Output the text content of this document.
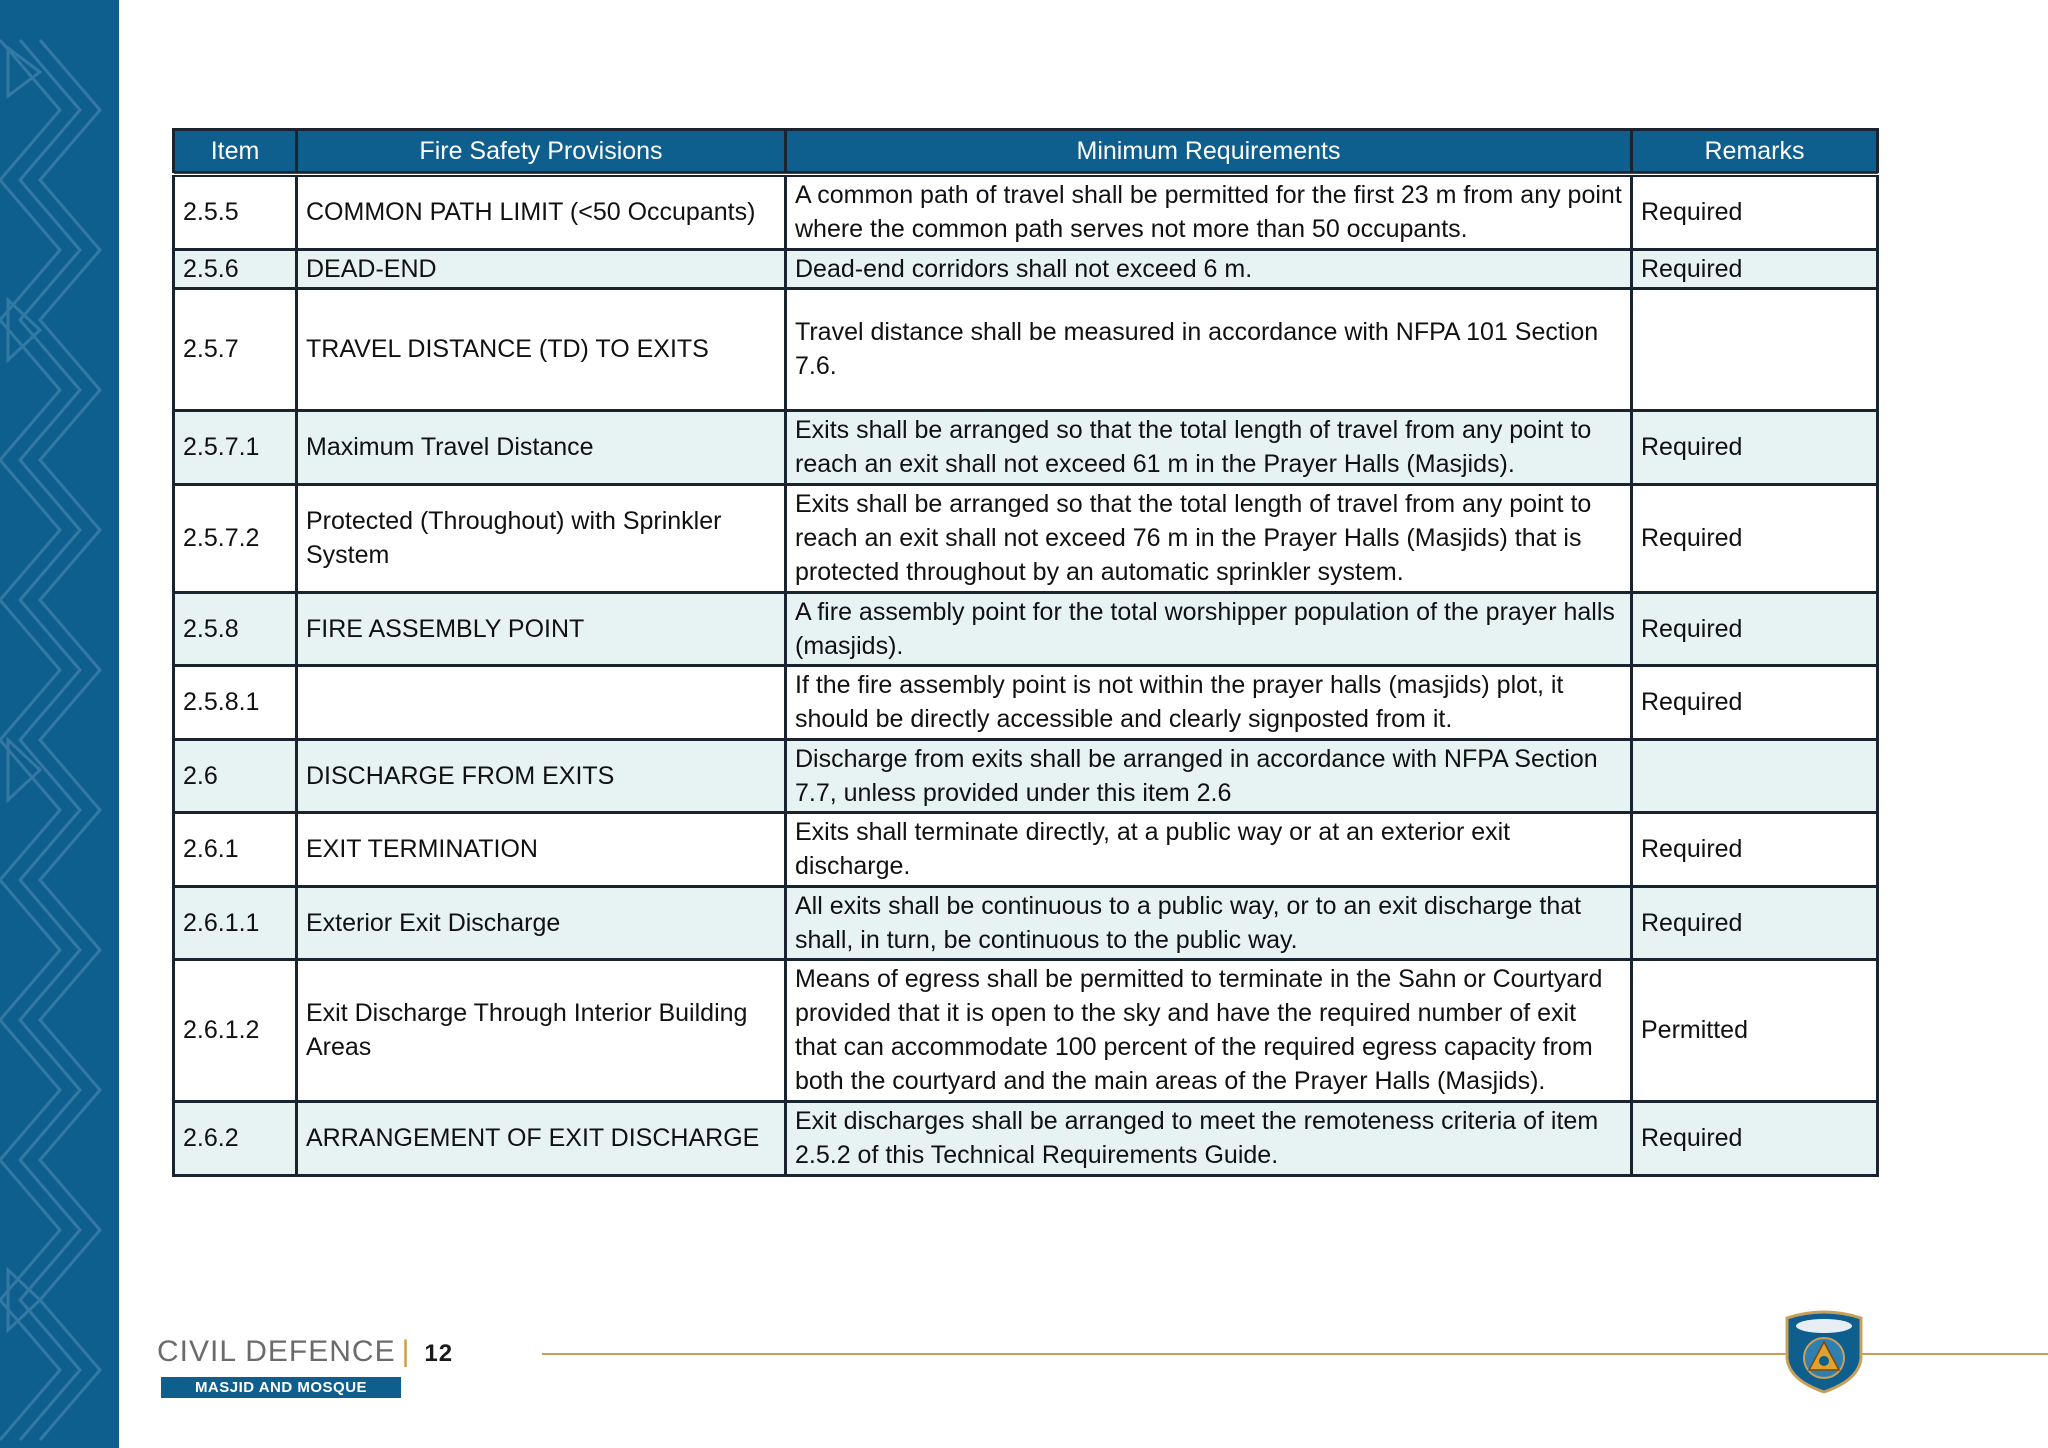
Item	Fire Safety Provisions	Minimum Requirements	Remarks
2.5.5	COMMON PATH LIMIT (<50 Occupants)	A common path of travel shall be permitted for the first 23 m from any point where the common path serves not more than 50 occupants.	Required
2.5.6	DEAD-END	Dead-end corridors shall not exceed 6 m.	Required
2.5.7	TRAVEL DISTANCE (TD) TO EXITS	Travel distance shall be measured in accordance with NFPA 101 Section 7.6.	
2.5.7.1	Maximum Travel Distance	Exits shall be arranged so that the total length of travel from any point to reach an exit shall not exceed 61 m in the Prayer Halls (Masjids).	Required
2.5.7.2	Protected (Throughout) with Sprinkler System	Exits shall be arranged so that the total length of travel from any point to reach an exit shall not exceed 76 m in the Prayer Halls (Masjids) that is protected throughout by an automatic sprinkler system.	Required
2.5.8	FIRE ASSEMBLY POINT	A fire assembly point for the total worshipper population of the prayer halls (masjids).	Required
2.5.8.1		If the fire assembly point is not within the prayer halls (masjids) plot, it should be directly accessible and clearly signposted from it.	Required
2.6	DISCHARGE FROM EXITS	Discharge from exits shall be arranged in accordance with NFPA Section 7.7, unless provided under this item 2.6	
2.6.1	EXIT TERMINATION	Exits shall terminate directly, at a public way or at an exterior exit discharge.	Required
2.6.1.1	Exterior Exit Discharge	All exits shall be continuous to a public way, or to an exit discharge that shall, in turn, be continuous to the public way.	Required
2.6.1.2	Exit Discharge Through Interior Building Areas	Means of egress shall be permitted to terminate in the Sahn or Courtyard provided that it is open to the sky and have the required number of exit that can accommodate 100 percent of the required egress capacity from both the courtyard and the main areas of the Prayer Halls (Masjids).	Permitted
2.6.2	ARRANGEMENT OF EXIT DISCHARGE	Exit discharges shall be arranged to meet the remoteness criteria of item 2.5.2 of this Technical Requirements Guide.	Required
CIVIL DEFENCE | 12
MASJID AND MOSQUE
